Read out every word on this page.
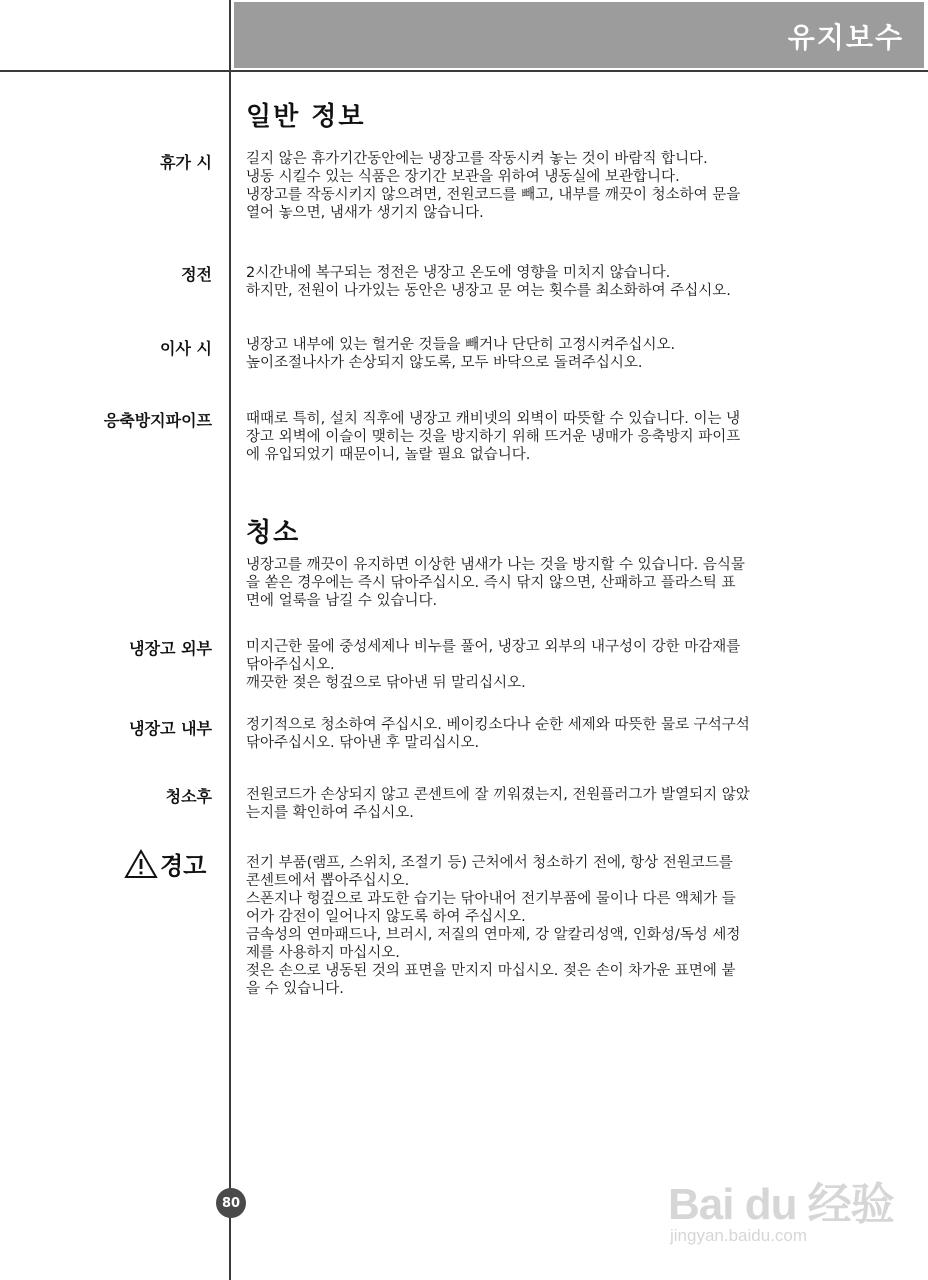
유지보수
일반 정보
휴가 시 길지 않은 휴가기간동안에는 냉장고를 작동시켜 놓는 것이 바람직 합니다.
냉동 시킬수 있는 식품은 장기간 보관을 위하여 냉동실에 보관합니다.
냉장고를 작동시키지 않으려면, 전원코드를 빼고, 내부를 깨끗이 청소하여 문을
열어 놓으면, 냄새가 생기지 않습니다.
정전 2시간내에 복구되는 정전은 냉장고 온도에 영향을 미치지 않습니다.
하지만, 전원이 나가있는 동안은 냉장고 문 여는 횟수를 최소화하여 주십시오.
이사 시 냉장고 내부에 있는 헐거운 것들을 빼거나 단단히 고정시켜주십시오.
높이조절나사가 손상되지 않도록, 모두 바닥으로 돌려주십시오.
응축방지파이프 때때로 특히, 설치 직후에 냉장고 캐비넷의 외벽이 따뜻할 수 있습니다. 이는 냉
장고 외벽에 이슬이 맺히는 것을 방지하기 위해 뜨거운 냉매가 응축방지 파이프
에 유입되었기 때문이니, 놀랄 필요 없습니다.
청소
냉장고를 깨끗이 유지하면 이상한 냄새가 나는 것을 방지할 수 있습니다. 음식물
을 쏟은 경우에는 즉시 닦아주십시오. 즉시 닦지 않으면, 산패하고 플라스틱 표
면에 얼룩을 남길 수 있습니다.
냉장고 외부 미지근한 물에 중성세제나 비누를 풀어, 냉장고 외부의 내구성이 강한 마감재를
닦아주십시오.
깨끗한 젖은 헝겊으로 닦아낸 뒤 말리십시오.
냉장고 내부 정기적으로 청소하여 주십시오. 베이킹소다나 순한 세제와 따뜻한 물로 구석구석
닦아주십시오. 닦아낸 후 말리십시오.
청소후 전원코드가 손상되지 않고 콘센트에 잘 끼워졌는지, 전원플러그가 발열되지 않았
는지를 확인하여 주십시오.
경고	전기 부품(램프, 스위치, 조절기 등) 근처에서 청소하기 전에, 항상 전원코드를
콘센트에서 뽑아주십시오.
스폰지나 헝겊으로 과도한 습기는 닦아내어 전기부품에 물이나 다른 액체가 들
어가 감전이 일어나지 않도록 하여 주십시오.
금속성의 연마패드나, 브러시, 저질의 연마제, 강 알칼리성액, 인화성/독성 세정
제를 사용하지 마십시오.
젖은 손으로 냉동된 것의 표면을 만지지 마십시오. 젖은 손이 차가운 표면에 붙
을 수 있습니다.
80	Bai du 经验
jingyan.baidu.com
